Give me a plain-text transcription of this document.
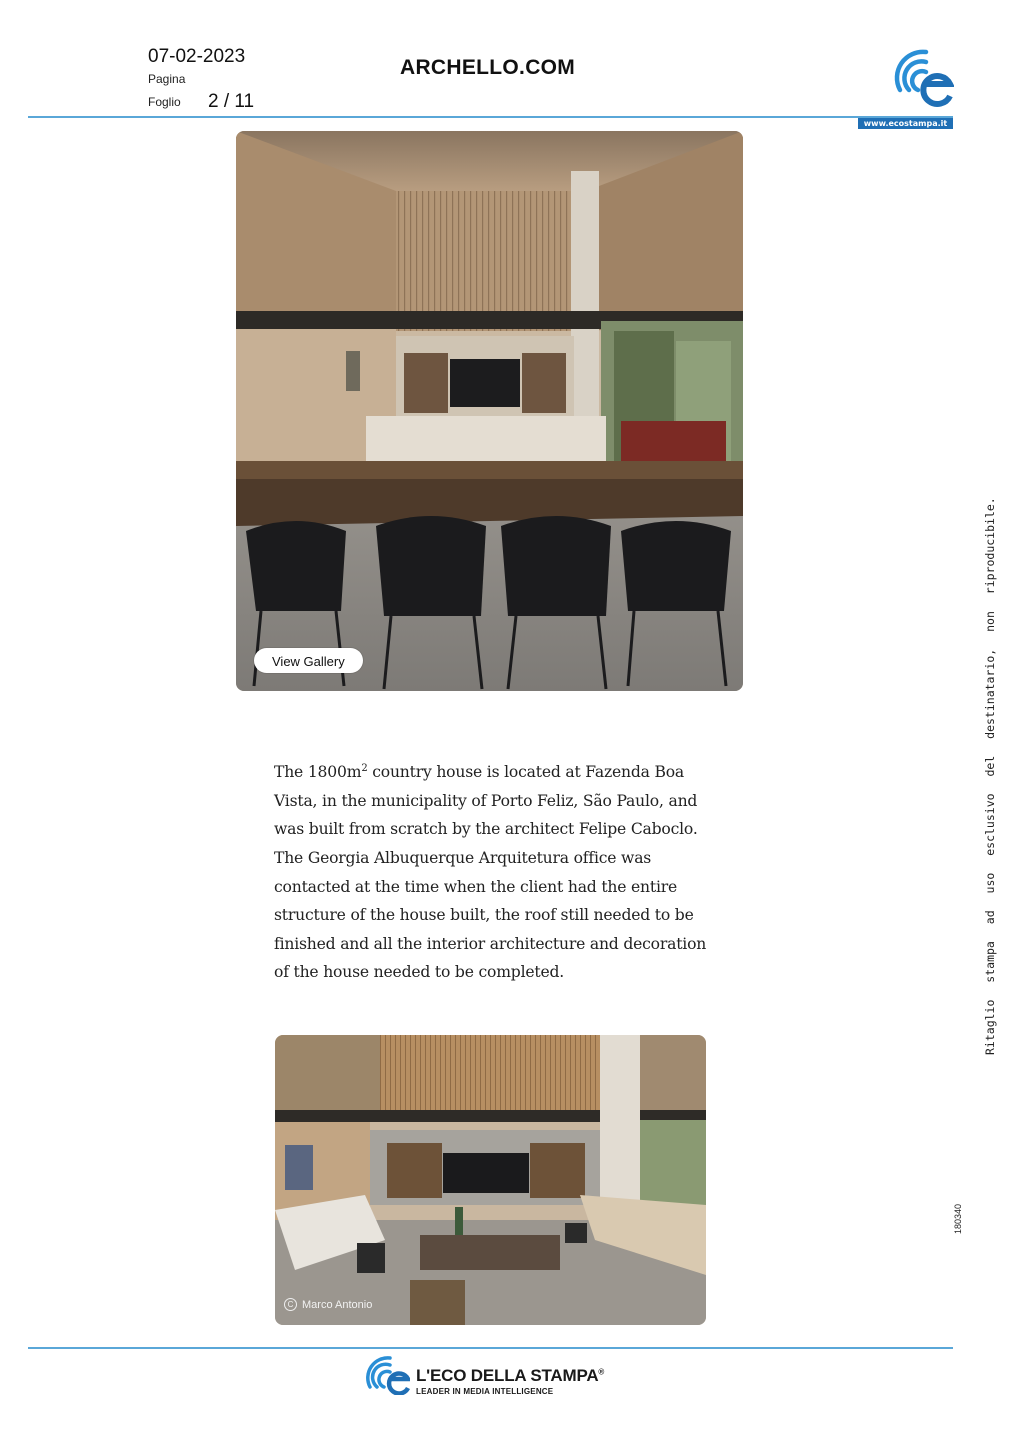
07-02-2023
Pagina
Foglio 2 / 11
ARCHELLO.COM
www.ecostampa.it
View Gallery
The $1800m^2$ country house is located at Fazenda Boa Vista, in the municipality of Porto Feliz, São Paulo, and was built from scratch by the architect Felipe Caboclo. The Georgia Albuquerque Arquitetura office was contacted at the time when the client had the entire structure of the house built, the roof still needed to be finished and all the interior architecture and decoration of the house needed to be completed.
C Marco Antonio
Ritaglio stampa ad uso esclusivo del destinatario, non riproducibile.
180340
L'ECO DELLA STAMPA®
LEADER IN MEDIA INTELLIGENCE
